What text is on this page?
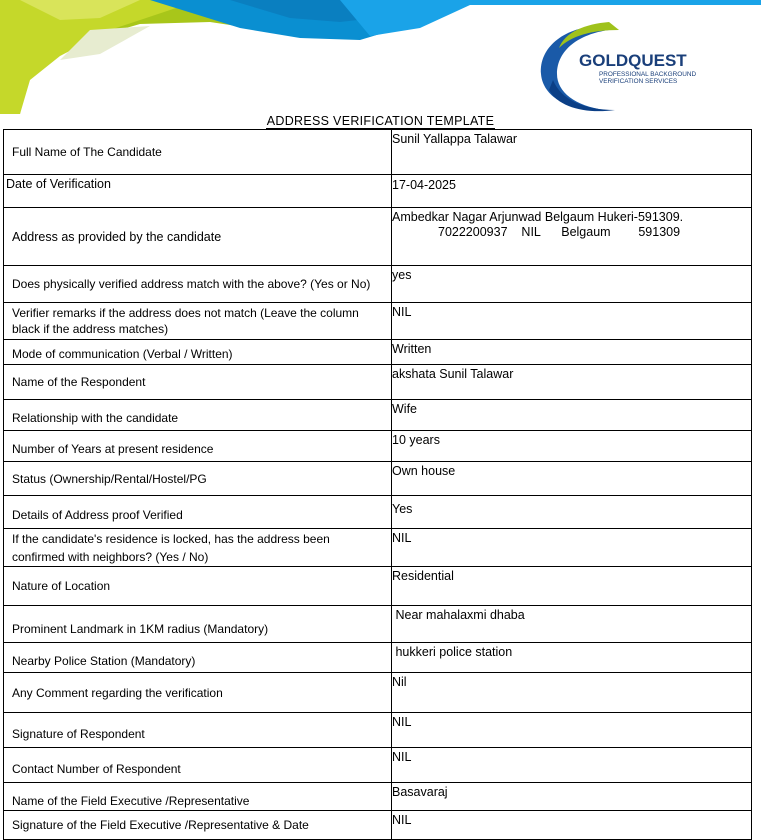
GOLDQUEST
PROFESSIONAL BACKGROUND
VERIFICATION SERVICES
ADDRESS VERIFICATION TEMPLATE
Full Name of The Candidate	Sunil Yallappa Talawar

Date of Verification	17-04-2025

Address as provided by the candidate	Ambedkar Nagar Arjunwad Belgaum Hukeri-591309.
7022200937    NIL      Belgaum        591309

Does physically verified address match with the above? (Yes or No)	yes

Verifier remarks if the address does not match (Leave the column black if the address matches)	NIL

Mode of communication (Verbal / Written)	Written

Name of the Respondent	akshata Sunil Talawar

Relationship with the candidate	Wife

Number of Years at present residence	10 years

Status (Ownership/Rental/Hostel/PG	Own house

Details of Address proof Verified	Yes

If the candidate's residence is locked, has the address been confirmed with neighbors? (Yes / No)	NIL

Nature of Location	Residential

Prominent Landmark in 1KM radius (Mandatory)	Near mahalaxmi dhaba

Nearby Police Station (Mandatory)	hukkeri police station

Any Comment regarding the verification	Nil

Signature of Respondent	NIL

Contact Number of Respondent	NIL

Name of the Field Executive /Representative	Basavaraj

Signature of the Field Executive /Representative & Date	NIL
